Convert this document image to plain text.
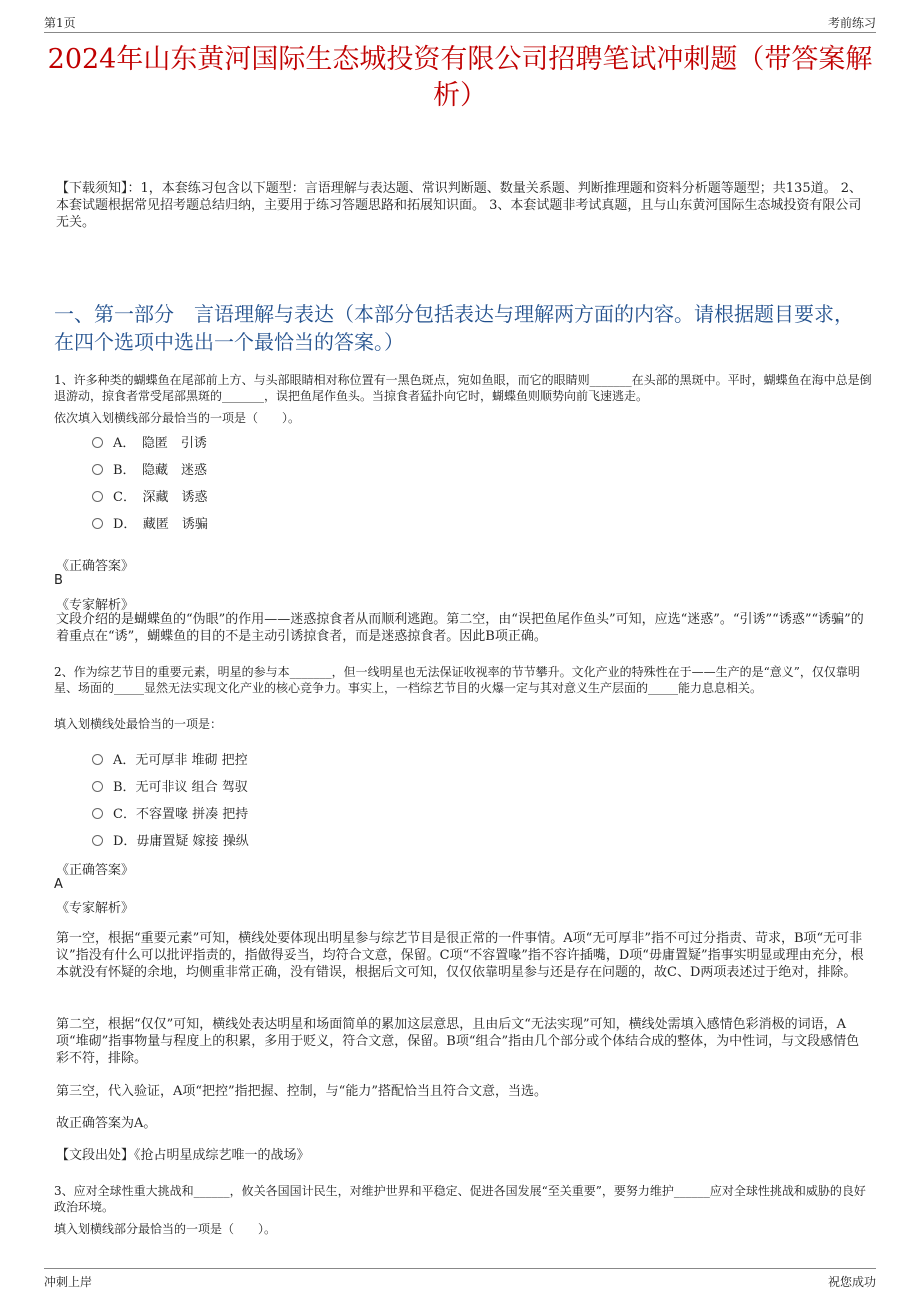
第1页	考前练习
2024年山东黄河国际生态城投资有限公司招聘笔试冲刺题（带答案解析）
【下载须知】：1，本套练习包含以下题型：言语理解与表达题、常识判断题、数量关系题、判断推理题和资料分析题等题型；共135道。 2、本套试题根据常见招考题总结归纳，主要用于练习答题思路和拓展知识面。 3、本套试题非考试真题，且与山东黄河国际生态城投资有限公司无关。
一、第一部分　言语理解与表达（本部分包括表达与理解两方面的内容。请根据题目要求，在四个选项中选出一个最恰当的答案。）
1、许多种类的蝴蝶鱼在尾部前上方、与头部眼睛相对称位置有一黑色斑点，宛如鱼眼，而它的眼睛则_______在头部的黑斑中。平时，蝴蝶鱼在海中总是倒退游动，掠食者常受尾部黑斑的_______，误把鱼尾作鱼头。当掠食者猛扑向它时，蝴蝶鱼则顺势向前飞速逃走。
依次填入划横线部分最恰当的一项是（　　）。
A．　隐匿　引诱
B．　隐藏　迷惑
C．　深藏　诱惑
D．　藏匿　诱骗
《正确答案》
B
《专家解析》
文段介绍的是蝴蝶鱼的“伪眼”的作用——迷惑掠食者从而顺利逃跑。第二空，由“误把鱼尾作鱼头”可知，应选“迷惑”。“引诱”“诱惑”“诱骗”的着重点在“诱”，蝴蝶鱼的目的不是主动引诱掠食者，而是迷惑掠食者。因此B项正确。
2、作为综艺节目的重要元素，明星的参与本_______，但一线明星也无法保证收视率的节节攀升。文化产业的特殊性在于——生产的是“意义”，仅仅靠明星、场面的_____显然无法实现文化产业的核心竞争力。事实上，一档综艺节目的火爆一定与其对意义生产层面的_____能力息息相关。
填入划横线处最恰当的一项是：
A．无可厚非 堆砌 把控
B．无可非议 组合 驾驭
C．不容置喙 拼凑 把持
D．毋庸置疑 嫁接 操纵
《正确答案》
A
《专家解析》
第一空，根据“重要元素”可知，横线处要体现出明星参与综艺节目是很正常的一件事情。A项“无可厚非”指不可过分指责、苛求，B项“无可非议”指没有什么可以批评指责的，指做得妥当，均符合文意，保留。C项“不容置喙”指不容许插嘴，D项“毋庸置疑”指事实明显或理由充分，根本就没有怀疑的余地，均侧重非常正确，没有错误，根据后文可知，仅仅依靠明星参与还是存在问题的，故C、D两项表述过于绝对，排除。
第二空，根据“仅仅”可知，横线处表达明星和场面简单的累加这层意思，且由后文“无法实现”可知，横线处需填入感情色彩消极的词语，A项“堆砌”指事物量与程度上的积累，多用于贬义，符合文意，保留。B项“组合”指由几个部分或个体结合成的整体，为中性词，与文段感情色彩不符，排除。
第三空，代入验证，A项“把控”指把握、控制，与“能力”搭配恰当且符合文意，当选。
故正确答案为A。
【文段出处】《抢占明星成综艺唯一的战场》
3、应对全球性重大挑战和______，攸关各国国计民生，对维护世界和平稳定、促进各国发展“至关重要”，要努力维护______应对全球性挑战和威胁的良好政治环境。
填入划横线部分最恰当的一项是（　　）。
冲刺上岸	祝您成功
